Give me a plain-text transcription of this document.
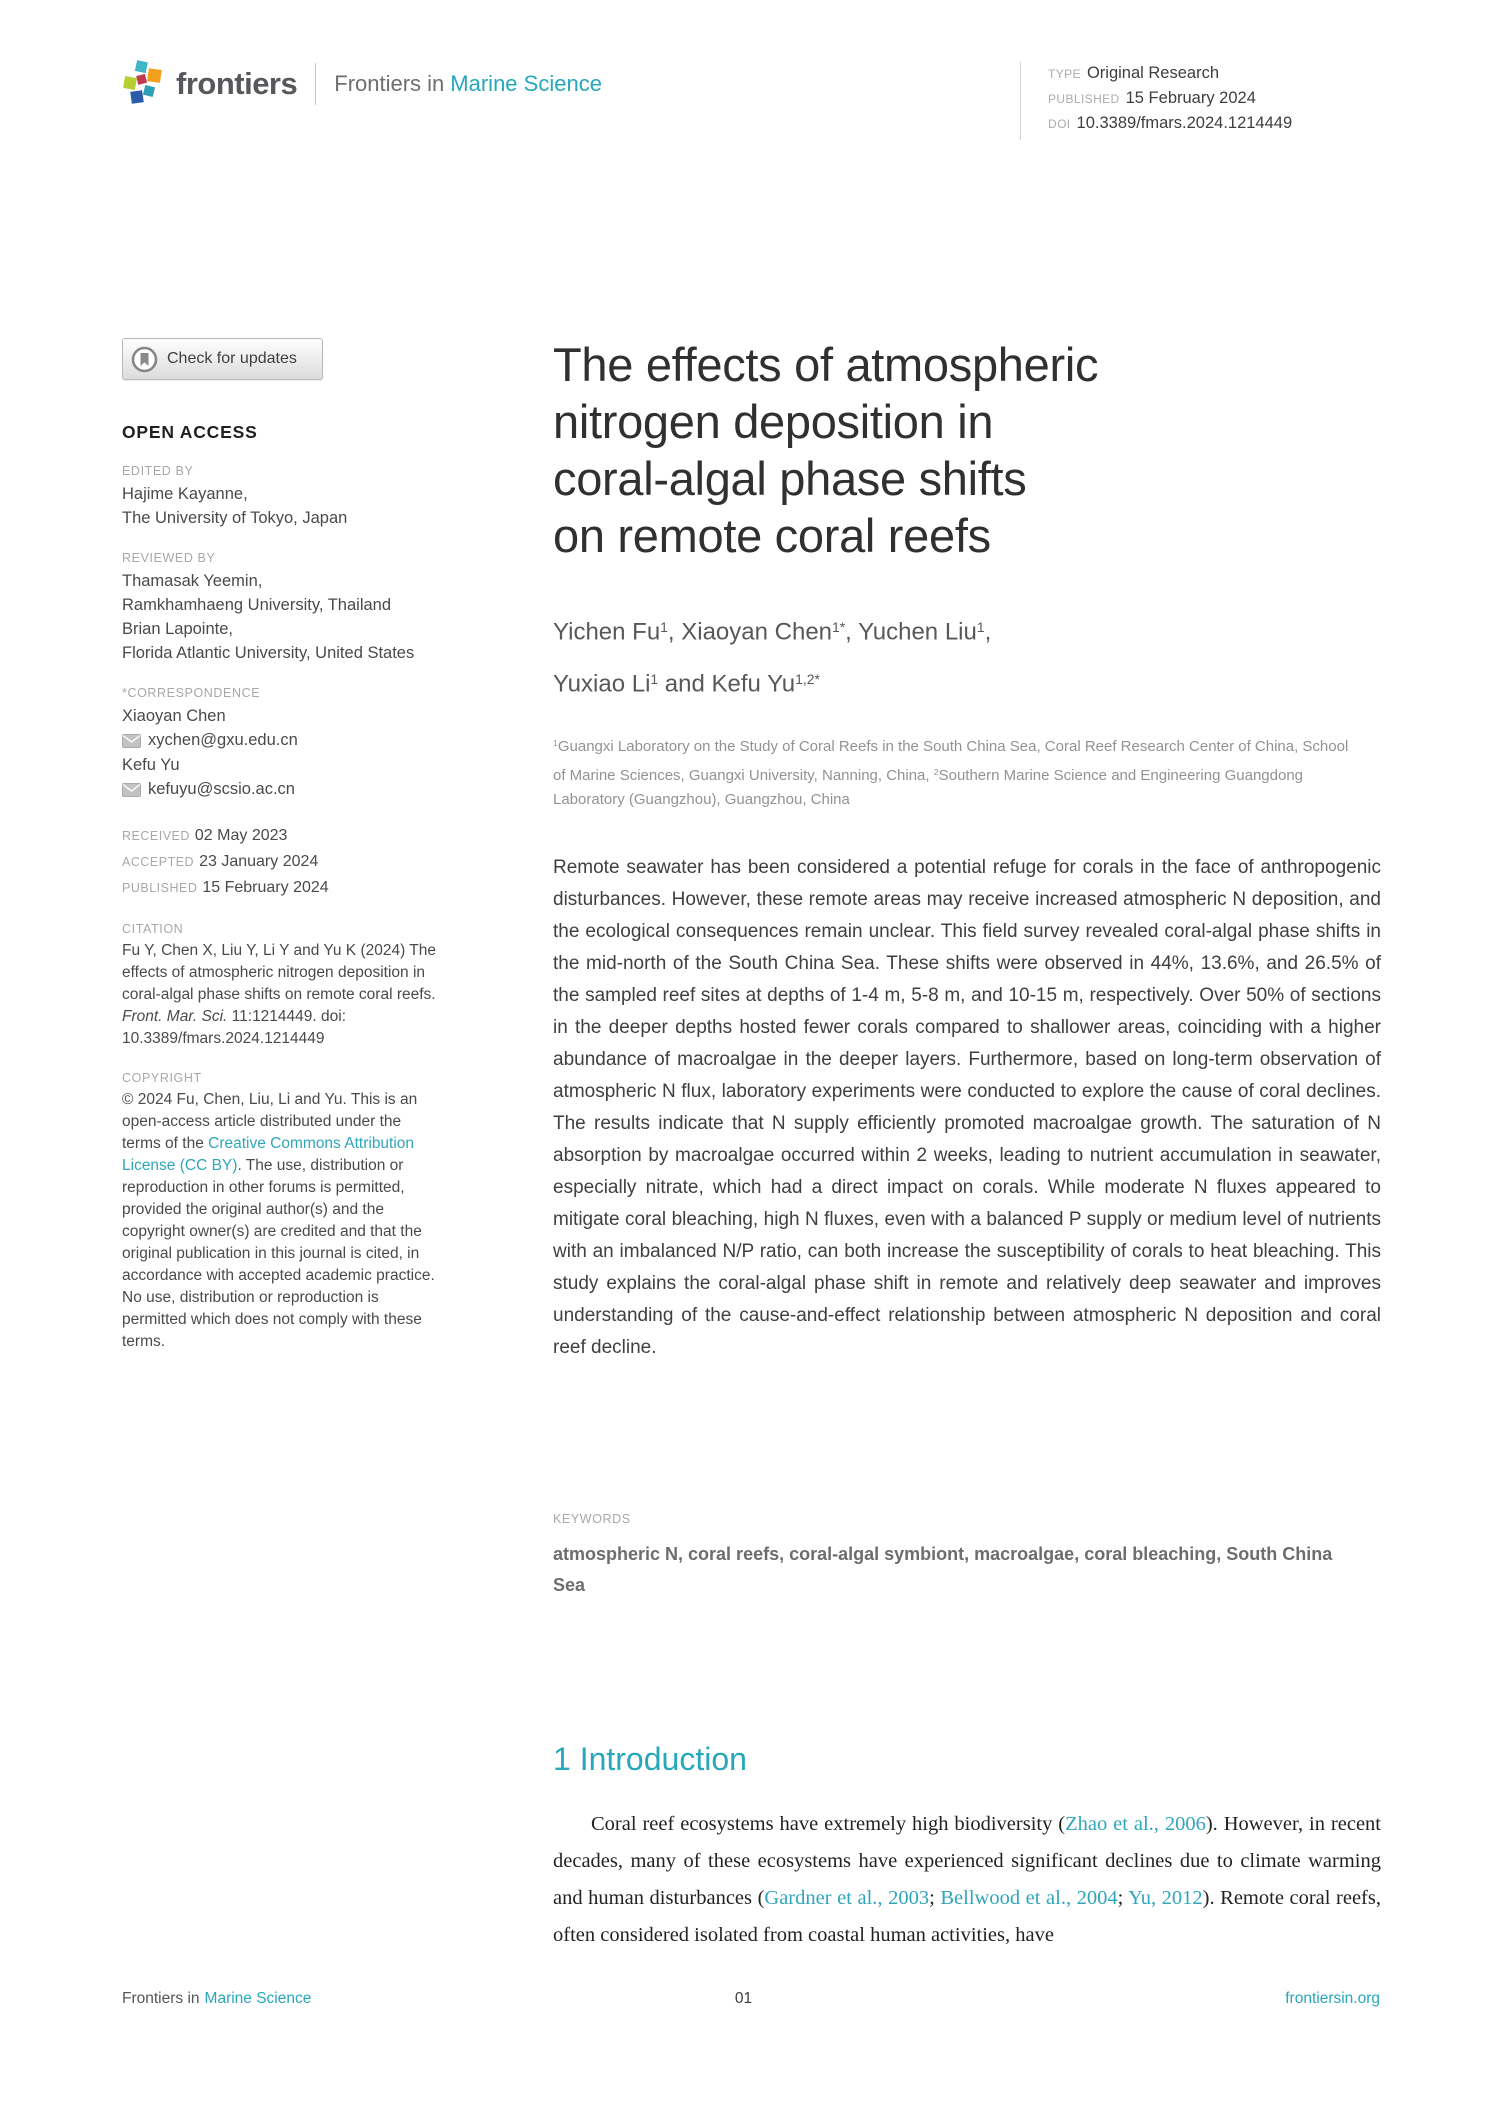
frontiers Frontiers in Marine Science	TYPE Original Research
PUBLISHED 15 February 2024
DOI 10.3389/fmars.2024.1214449
Check for updates
OPEN ACCESS
EDITED BY
Hajime Kayanne,
The University of Tokyo, Japan
REVIEWED BY
Thamasak Yeemin,
Ramkhamhaeng University, Thailand
Brian Lapointe,
Florida Atlantic University, United States
*CORRESPONDENCE
Xiaoyan Chen
xychen@gxu.edu.cn
Kefu Yu
kefuyu@scsio.ac.cn
RECEIVED 02 May 2023
ACCEPTED 23 January 2024
PUBLISHED 15 February 2024
CITATION
Fu Y, Chen X, Liu Y, Li Y and Yu K (2024) The effects of atmospheric nitrogen deposition in coral-algal phase shifts on remote coral reefs. Front. Mar. Sci. 11:1214449. doi: 10.3389/fmars.2024.1214449
COPYRIGHT
© 2024 Fu, Chen, Liu, Li and Yu. This is an open-access article distributed under the terms of the Creative Commons Attribution License (CC BY). The use, distribution or reproduction in other forums is permitted, provided the original author(s) and the copyright owner(s) are credited and that the original publication in this journal is cited, in accordance with accepted academic practice. No use, distribution or reproduction is permitted which does not comply with these terms.
The effects of atmospheric
nitrogen deposition in
coral-algal phase shifts
on remote coral reefs
Yichen Fu$^1$, Xiaoyan Chen$^{1*}$, Yuchen Liu$^1$,
Yuxiao Li$^1$ and Kefu $Yu^{1,2*}$
$^1$Guangxi Laboratory on the Study of Coral Reefs in the South China Sea, Coral Reef Research Center of China, School of Marine Sciences, Guangxi University, Nanning, China, $^2$Southern Marine Science and Engineering Guangdong Laboratory (Guangzhou), Guangzhou, China
Remote seawater has been considered a potential refuge for corals in the face of anthropogenic disturbances. However, these remote areas may receive increased atmospheric N deposition, and the ecological consequences remain unclear. This field survey revealed coral-algal phase shifts in the mid-north of the South China Sea. These shifts were observed in 44%, 13.6%, and 26.5% of the sampled reef sites at depths of 1-4 m, 5-8 m, and 10-15 m, respectively. Over 50% of sections in the deeper depths hosted fewer corals compared to shallower areas, coinciding with a higher abundance of macroalgae in the deeper layers. Furthermore, based on long-term observation of atmospheric N flux, laboratory experiments were conducted to explore the cause of coral declines. The results indicate that N supply efficiently promoted macroalgae growth. The saturation of N absorption by macroalgae occurred within 2 weeks, leading to nutrient accumulation in seawater, especially nitrate, which had a direct impact on corals. While moderate N fluxes appeared to mitigate coral bleaching, high N fluxes, even with a balanced P supply or medium level of nutrients with an imbalanced N/P ratio, can both increase the susceptibility of corals to heat bleaching. This study explains the coral-algal phase shift in remote and relatively deep seawater and improves understanding of the cause-and-effect relationship between atmospheric N deposition and coral reef decline.
KEYWORDS
atmospheric N, coral reefs, coral-algal symbiont, macroalgae, coral bleaching, South China Sea
1 Introduction
Coral reef ecosystems have extremely high biodiversity (Zhao et al., 2006). However, in recent decades, many of these ecosystems have experienced significant declines due to climate warming and human disturbances (Gardner et al., 2003; Bellwood et al., 2004; Yu, 2012). Remote coral reefs, often considered isolated from coastal human activities, have
01
Frontiers in Marine Science	frontiersin.org
